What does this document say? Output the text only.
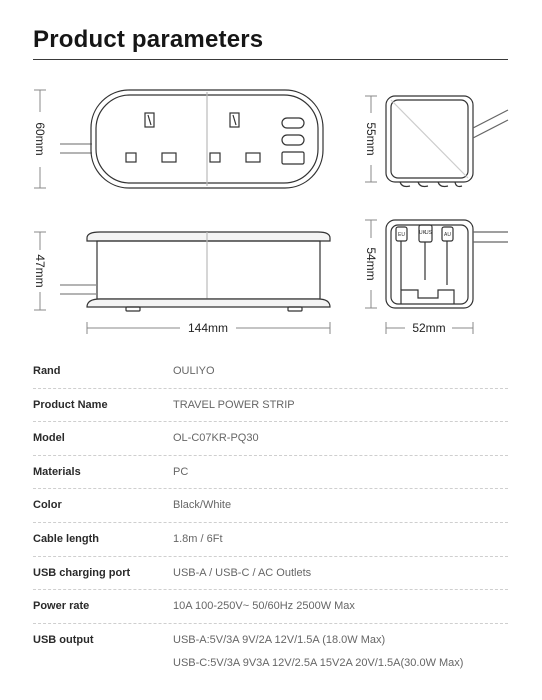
Product parameters
60mm	55mm
47mm	54mm
144mm	52mm
EU	UK US AU
Rand	OULIYO
Product Name	TRAVEL POWER STRIP
Model	OL-C07KR-PQ30
Materials	PC
Color	Black/White
Cable length	1.8m / 6Ft
USB charging port	USB-A / USB-C / AC Outlets
Power rate	10A 100-250V~ 50/60Hz 2500W Max
USB output	USB-A:5V/3A 9V/2A 12V/1.5A (18.0W Max)
USB-C:5V/3A 9V3A 12V/2.5A 15V2A 20V/1.5A(30.0W Max)
